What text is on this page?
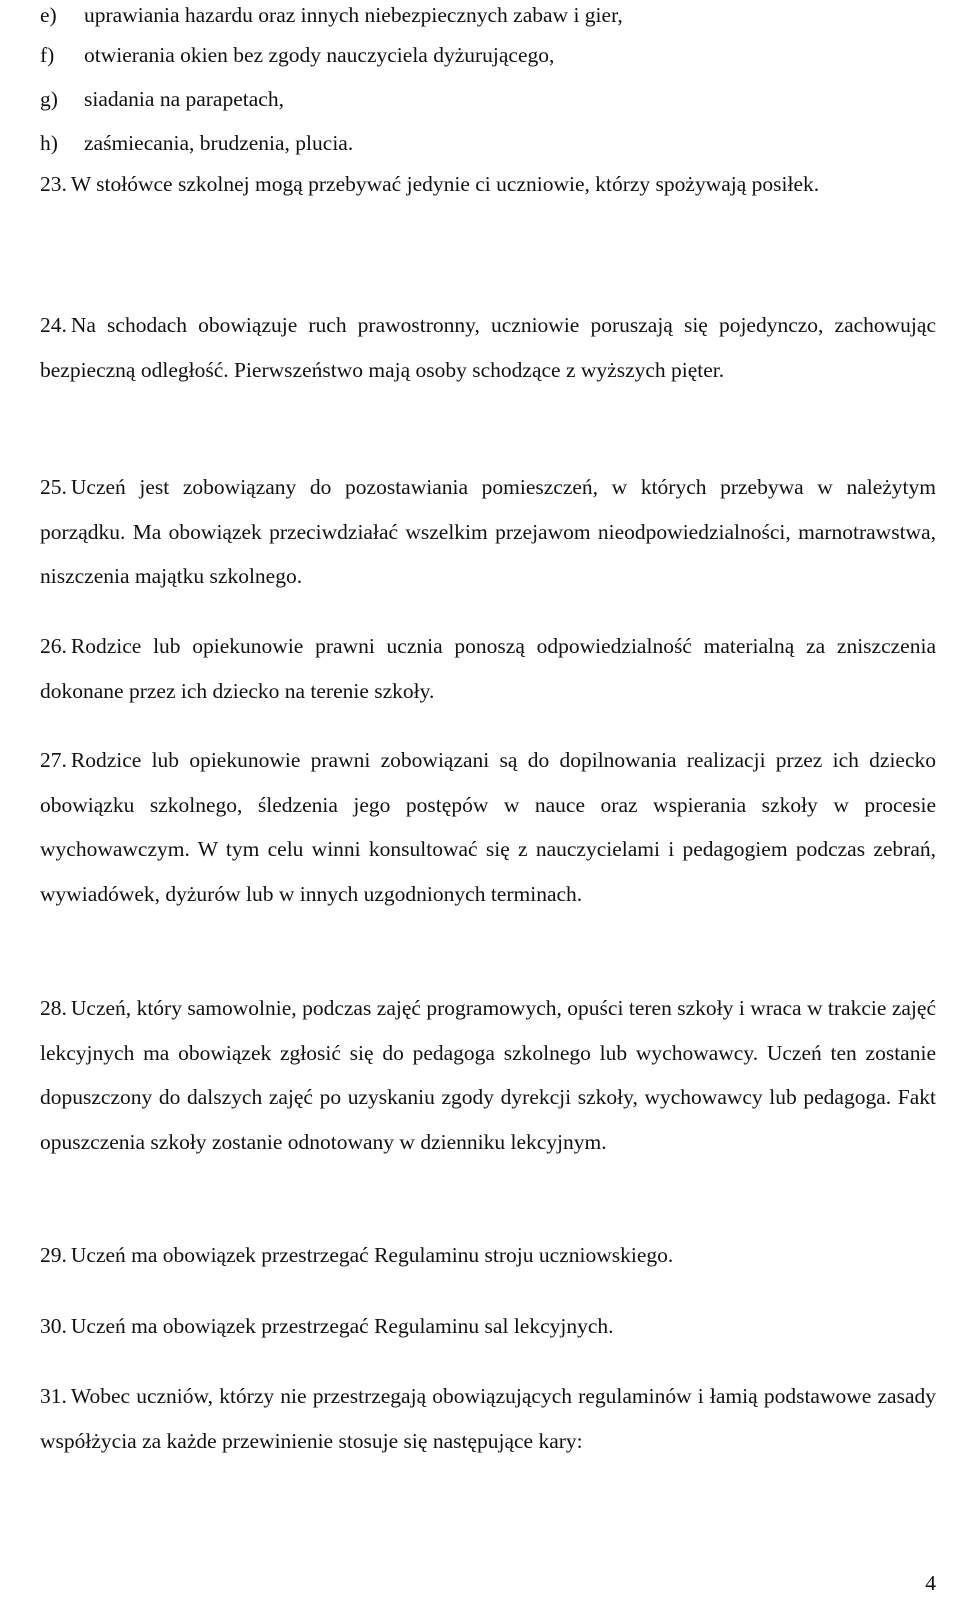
e) uprawiania hazardu oraz innych niebezpiecznych zabaw i gier,
f) otwierania okien bez zgody nauczyciela dyżurującego,
g) siadania na parapetach,
h) zaśmiecania, brudzenia, plucia.

23. W stołówce szkolnej mogą przebywać jedynie ci uczniowie, którzy spożywają posiłek.

24. Na schodach obowiązuje ruch prawostronny, uczniowie poruszają się pojedynczo, zachowując bezpieczną odległość. Pierwszeństwo mają osoby schodzące z wyższych pięter.

25. Uczeń jest zobowiązany do pozostawiania pomieszczeń, w których przebywa w należytym porządku. Ma obowiązek przeciwdziałać wszelkim przejawom nieodpowiedzialności, marnotrawstwa, niszczenia majątku szkolnego.

26. Rodzice lub opiekunowie prawni ucznia ponoszą odpowiedzialność materialną za zniszczenia dokonane przez ich dziecko na terenie szkoły.

27. Rodzice lub opiekunowie prawni zobowiązani są do dopilnowania realizacji przez ich dziecko obowiązku szkolnego, śledzenia jego postępów w nauce oraz wspierania szkoły w procesie wychowawczym. W tym celu winni konsultować się z nauczycielami i pedagogiem podczas zebrań, wywiadówek, dyżurów lub w innych uzgodnionych terminach.

28. Uczeń, który samowolnie, podczas zajęć programowych, opuści teren szkoły i wraca w trakcie zajęć lekcyjnych ma obowiązek zgłosić się do pedagoga szkolnego lub wychowawcy. Uczeń ten zostanie dopuszczony do dalszych zajęć po uzyskaniu zgody dyrekcji szkoły, wychowawcy lub pedagoga. Fakt opuszczenia szkoły zostanie odnotowany w dzienniku lekcyjnym.

29. Uczeń ma obowiązek przestrzegać Regulaminu stroju uczniowskiego.

30. Uczeń ma obowiązek przestrzegać Regulaminu sal lekcyjnych.

31. Wobec uczniów, którzy nie przestrzegają obowiązujących regulaminów i łamią podstawowe zasady współżycia za każde przewinienie stosuje się następujące kary:

4
